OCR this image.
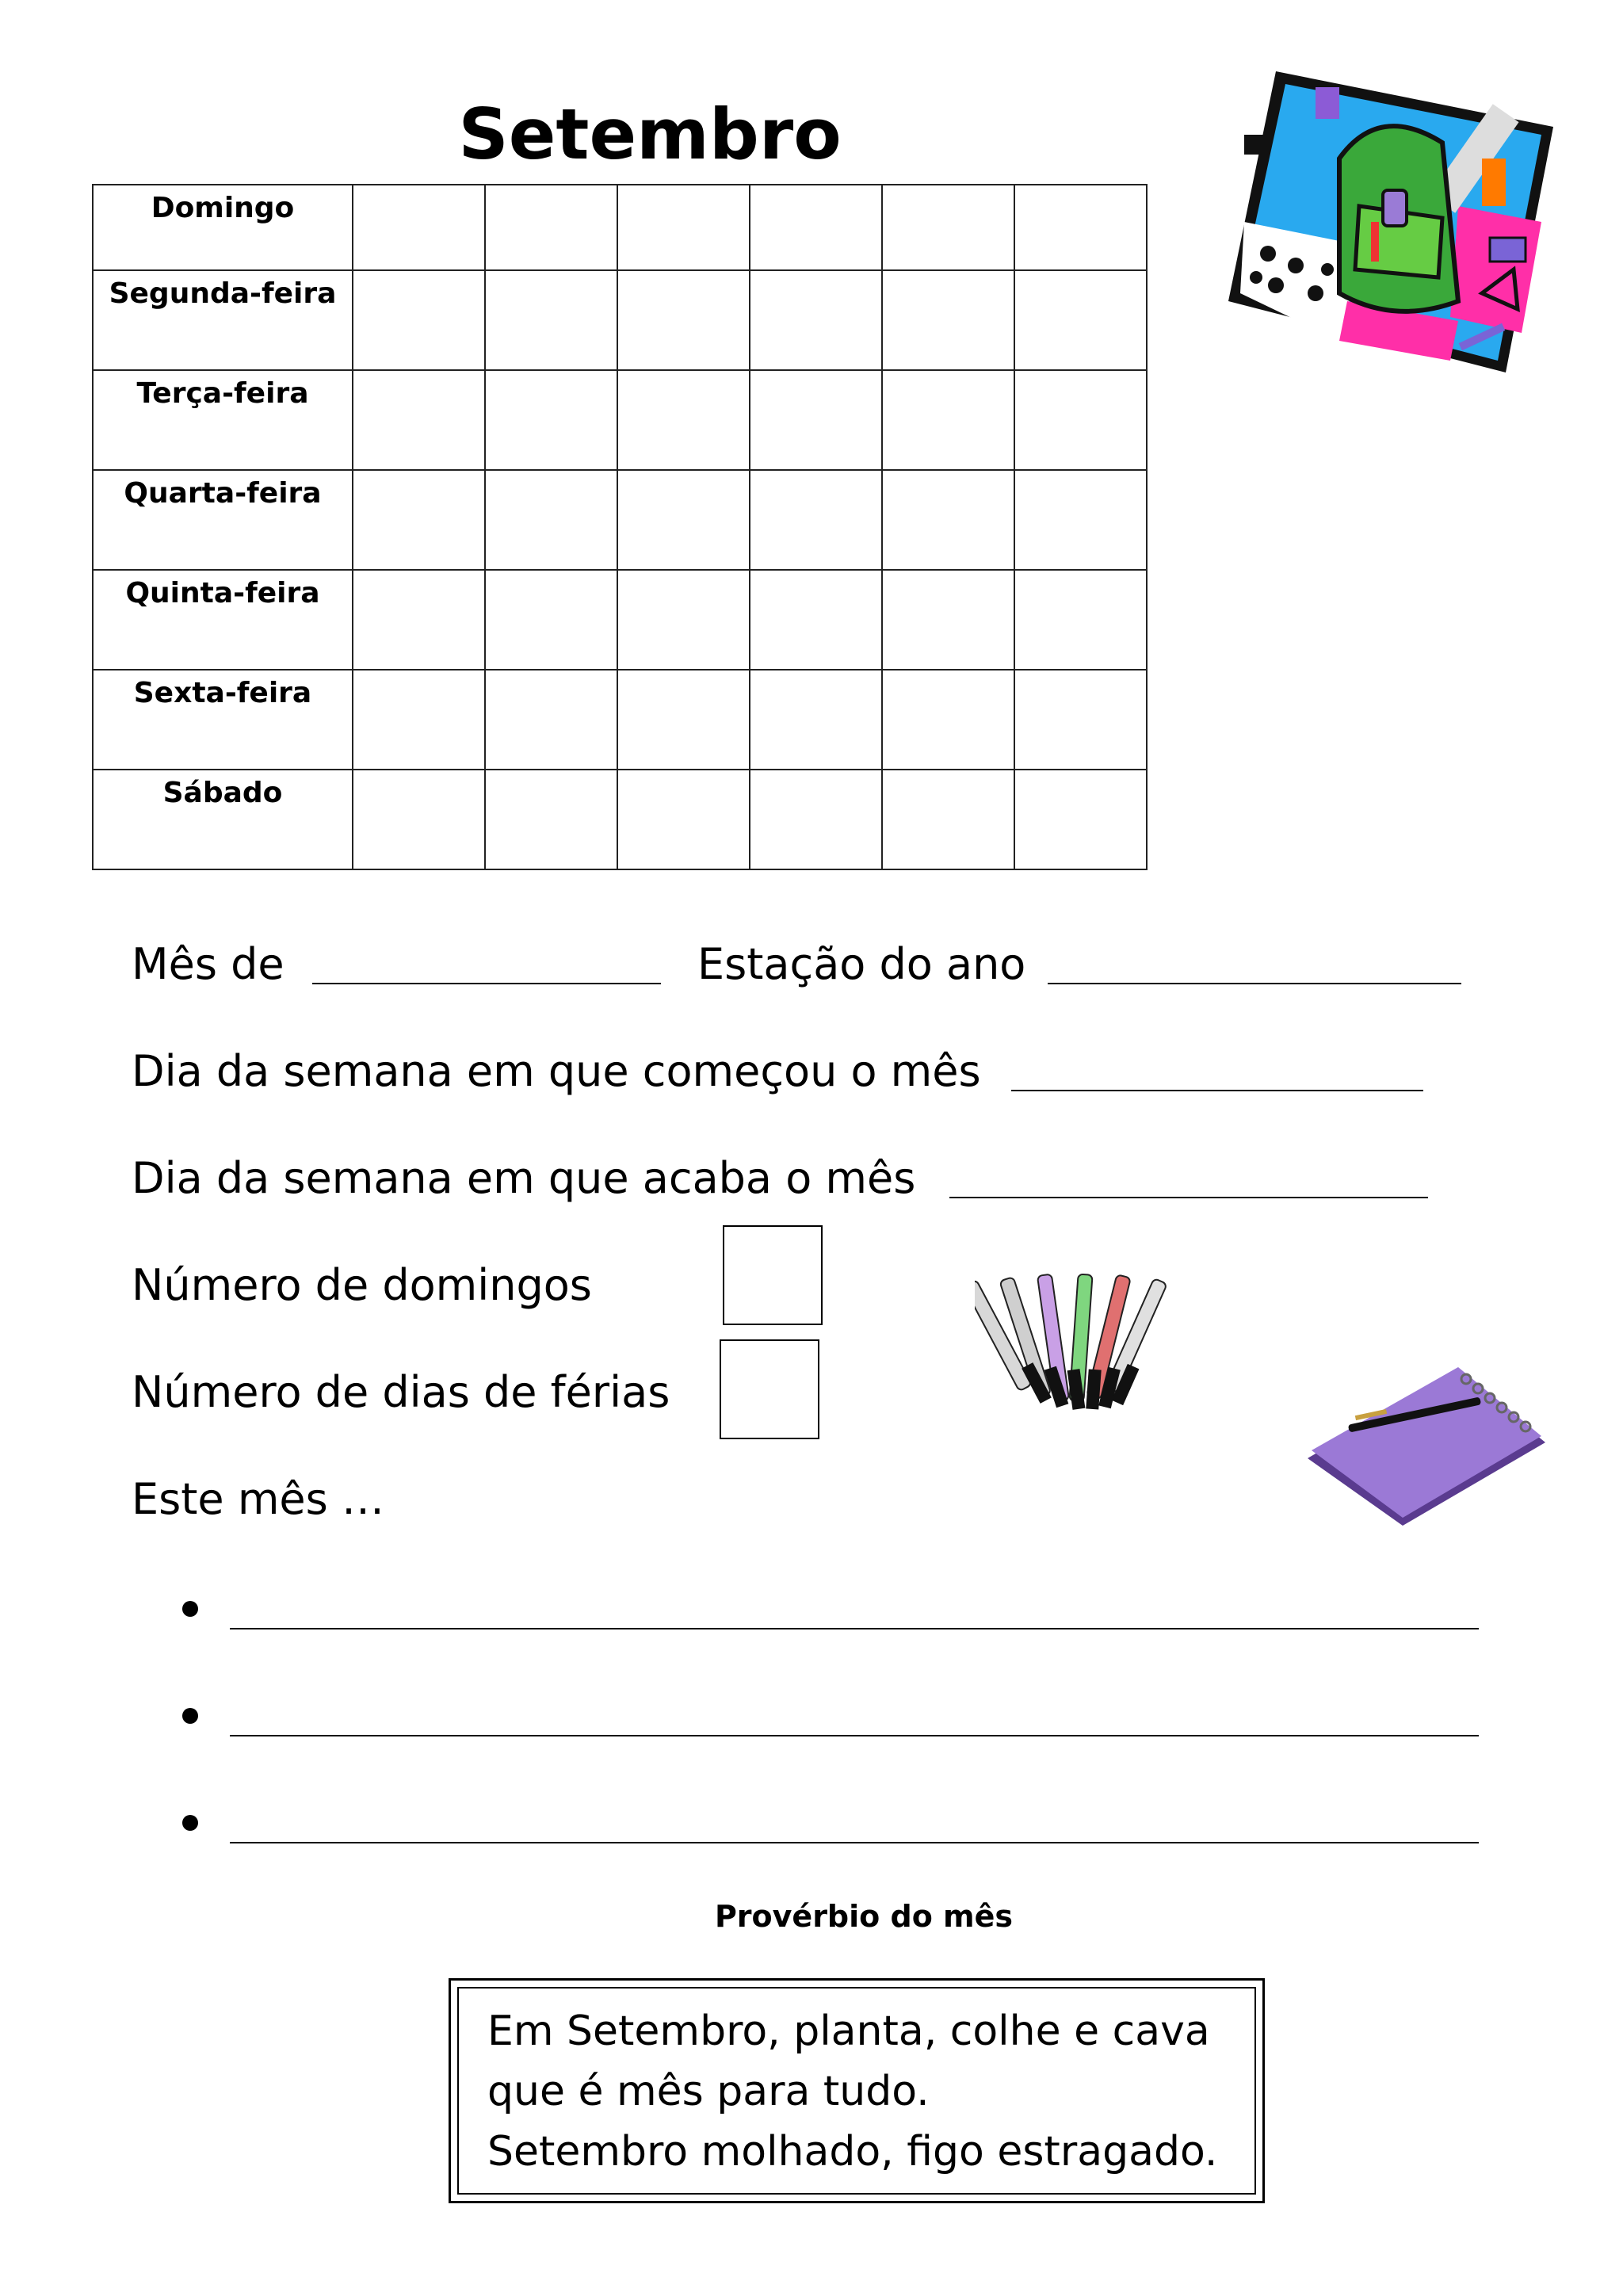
Setembro
Domingo						
Segunda-feira						
Terça-feira						
Quarta-feira						
Quinta-feira						
Sexta-feira						
Sábado						
Mês de	Estação do ano
Dia da semana em que começou o mês
Dia da semana em que acaba o mês
Número de domingos
Número de dias de férias
Este mês …
Provérbio do mês
Em Setembro, planta, colhe e cava
que é mês para tudo.
Setembro molhado, figo estragado.
